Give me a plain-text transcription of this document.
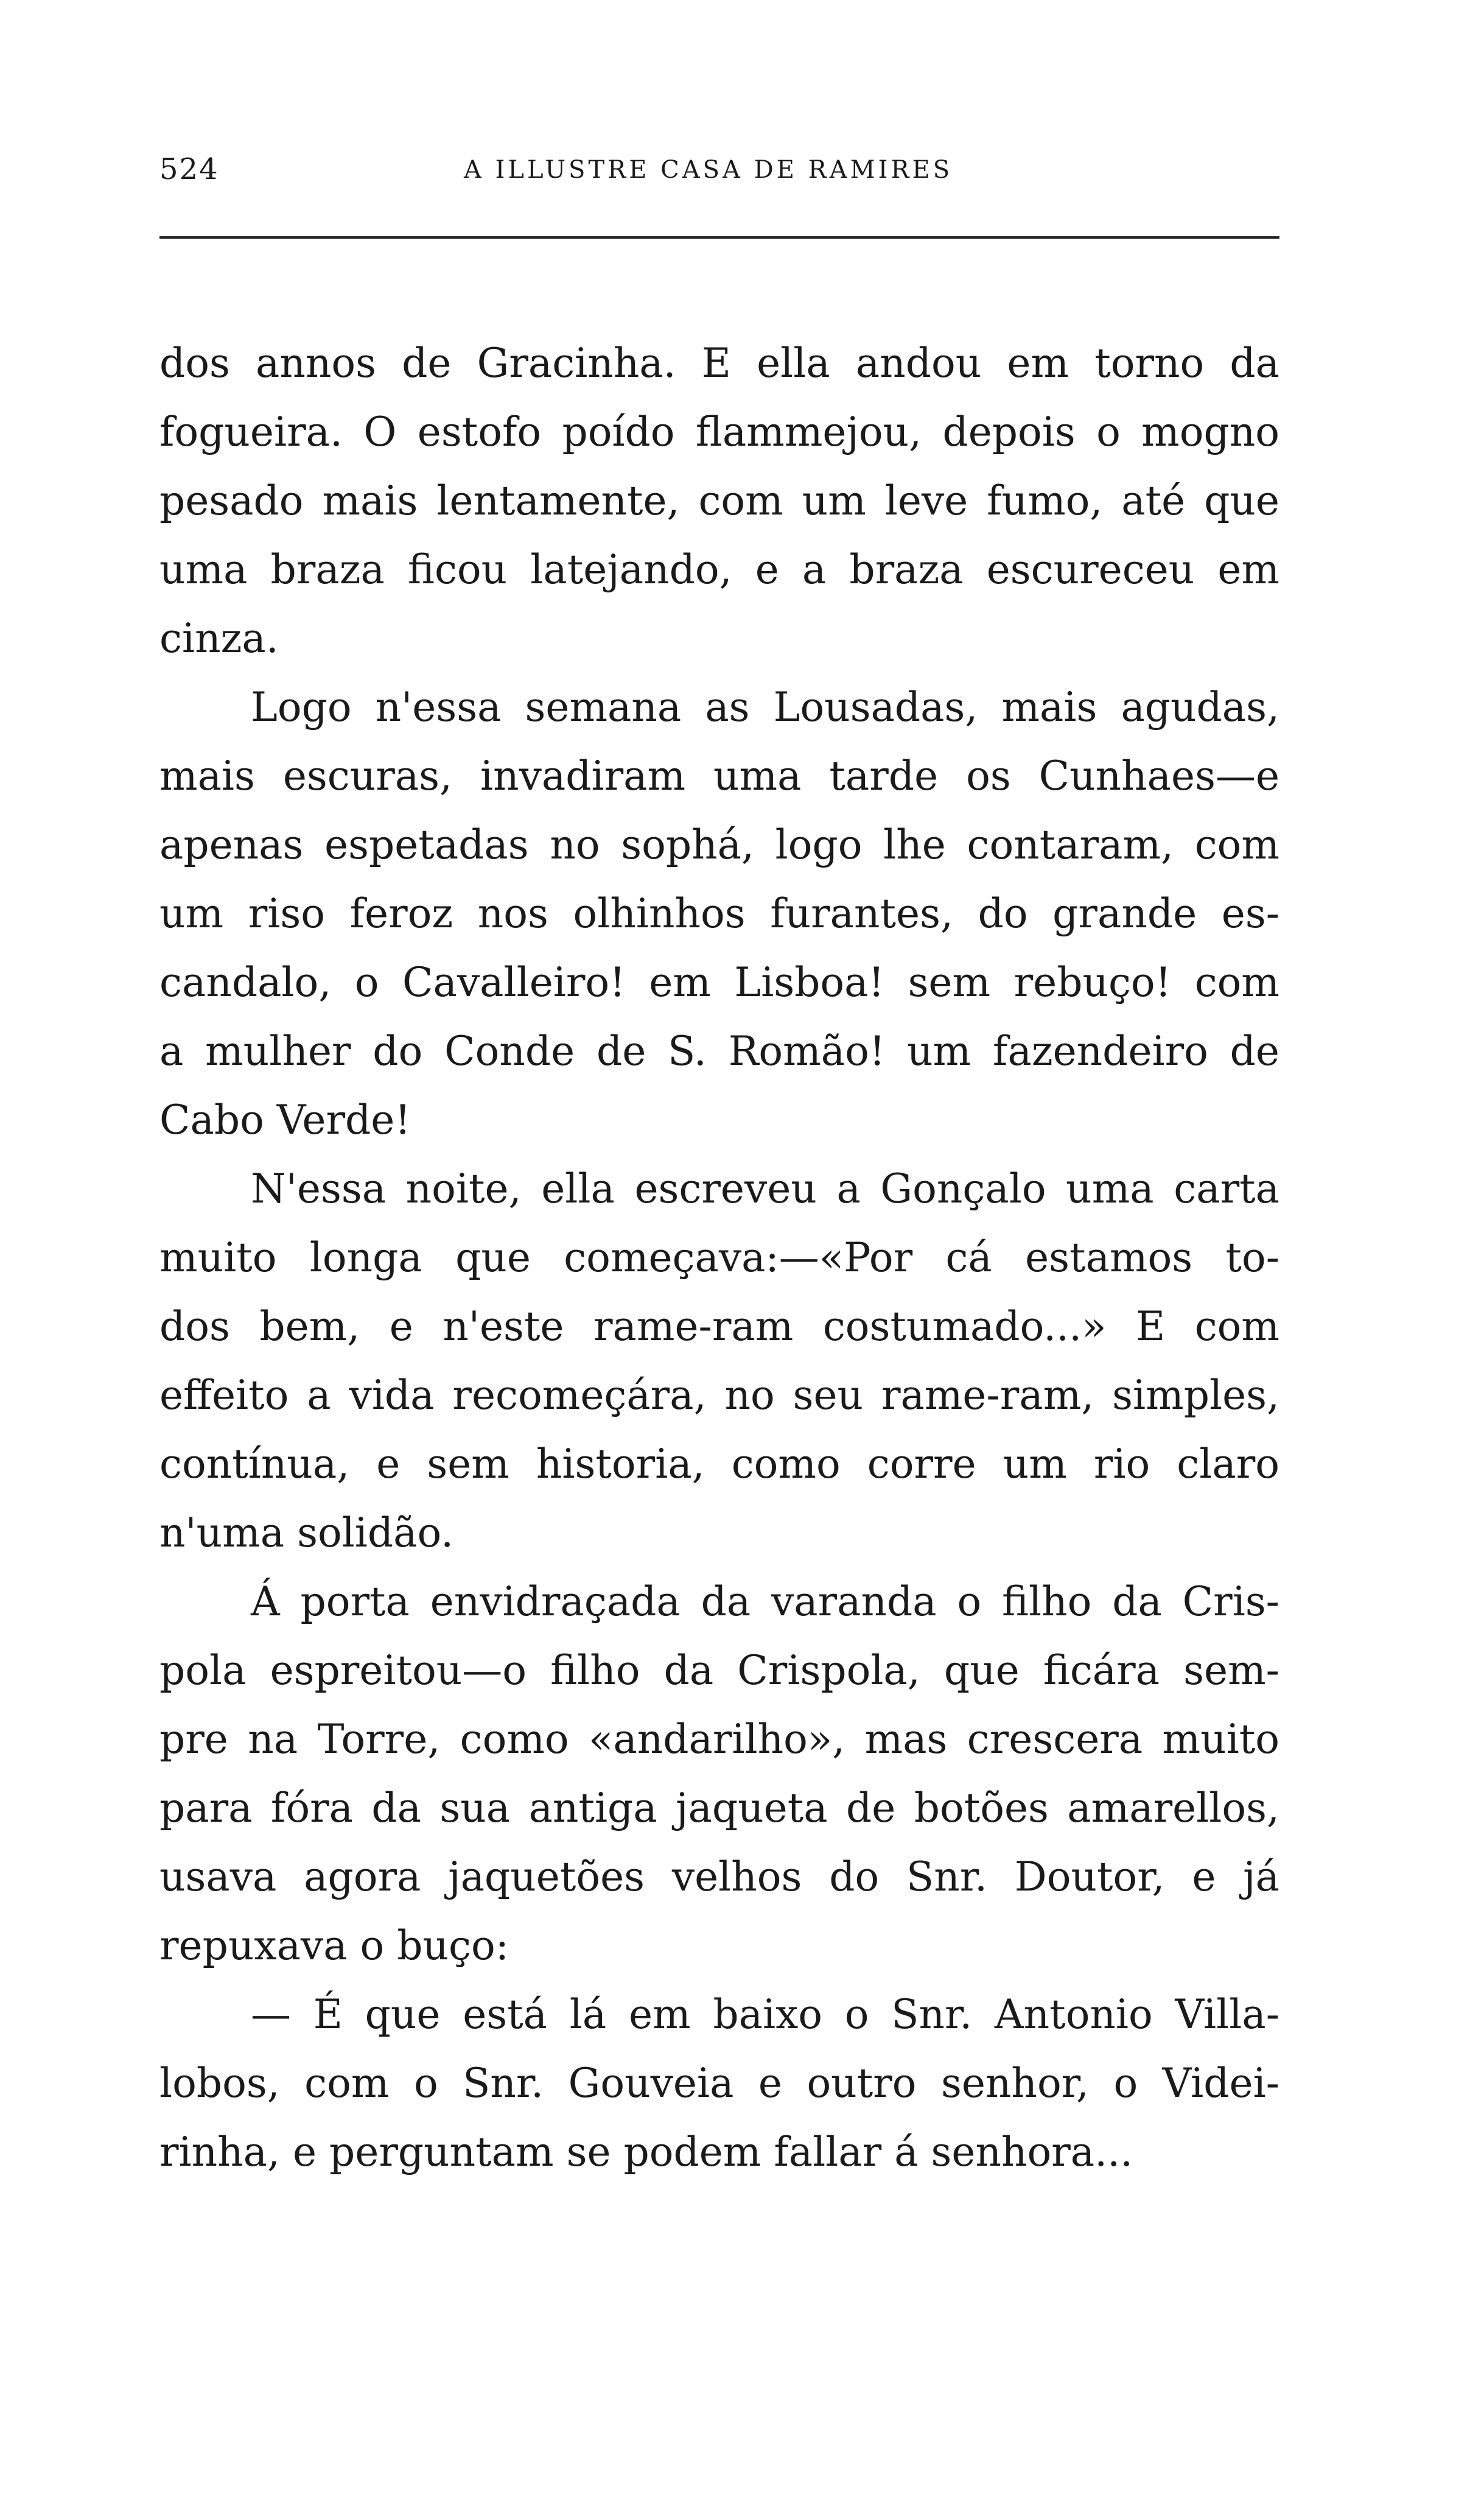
524	A ILLUSTRE CASA DE RAMIRES
dos annos de Gracinha. E ella andou em torno da
fogueira. O estofo poído flammejou, depois o mogno
pesado mais lentamente, com um leve fumo, até que
uma braza ficou latejando, e a braza escureceu em
cinza.
Logo n'essa semana as Lousadas, mais agudas,
mais escuras, invadiram uma tarde os Cunhaes—e
apenas espetadas no sophá, logo lhe contaram, com
um riso feroz nos olhinhos furantes, do grande es-
candalo, o Cavalleiro! em Lisboa! sem rebuço! com
a mulher do Conde de S. Romão! um fazendeiro de
Cabo Verde!
N'essa noite, ella escreveu a Gonçalo uma carta
muito longa que começava:—«Por cá estamos to-
dos bem, e n'este rame-ram costumado...» E com
effeito a vida recomeçára, no seu rame-ram, simples,
contínua, e sem historia, como corre um rio claro
n'uma solidão.
Á porta envidraçada da varanda o filho da Cris-
pola espreitou—o filho da Crispola, que ficára sem-
pre na Torre, como «andarilho», mas crescera muito
para fóra da sua antiga jaqueta de botões amarellos,
usava agora jaquetões velhos do Snr. Doutor, e já
repuxava o buço:
— É que está lá em baixo o Snr. Antonio Villa-
lobos, com o Snr. Gouveia e outro senhor, o Videi-
rinha, e perguntam se podem fallar á senhora...
